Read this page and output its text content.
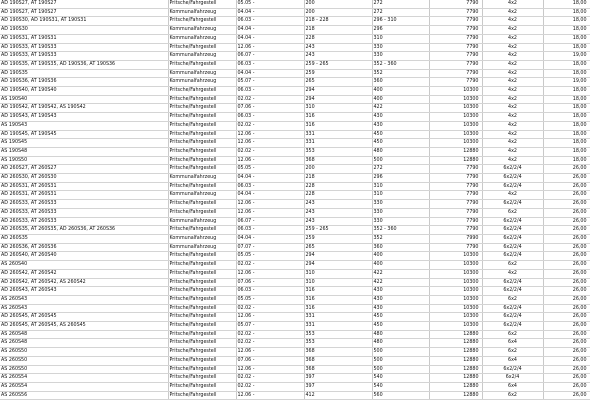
AD 190S27, AT 190S27	Pritsche/Fahrgestell	05.05 -	200	272	7790	4x2	18,00
AD 190S27, AT 190S27	Kommunalfahrzeug	04.04 -	200	272	7790	4x2	18,00
AD 190S30, AD 190S31, AT 190S31	Pritsche/Fahrgestell	06.03 -	218 - 228	296 - 310	7790	4x2	18,00
AD 190S30	Kommunalfahrzeug	04.04 -	218	296	7790	4x2	18,00
AD 190S31, AT 190S31	Kommunalfahrzeug	04.04 -	228	310	7790	4x2	18,00
AD 190S33, AT 190S33	Pritsche/Fahrgestell	12.06 -	243	330	7790	4x2	18,00
AD 190S33, AT 190S33	Kommunalfahrzeug	06.07 -	243	330	7790	4x2	19,00
AD 190S35, AT 190S35, AD 190S36, AT 190S36	Pritsche/Fahrgestell	06.03 -	259 - 265	352 - 360	7790	4x2	18,00
AD 190S35	Kommunalfahrzeug	04.04 -	259	352	7790	4x2	18,00
AD 190S36, AT 190S36	Kommunalfahrzeug	05.07 -	265	360	7790	4x2	19,00
AD 190S40, AT 190S40	Pritsche/Fahrgestell	06.03 -	294	400	10300	4x2	18,00
AS 190S40	Pritsche/Fahrgestell	02.02 -	294	400	10300	4x2	18,00
AD 190S42, AT 190S42, AS 190S42	Pritsche/Fahrgestell	07.06 -	310	422	10300	4x2	18,00
AD 190S43, AT 190S43	Pritsche/Fahrgestell	06.03 -	316	430	10300	4x2	18,00
AS 190S43	Pritsche/Fahrgestell	02.02 -	316	430	10300	4x2	18,00
AD 190S45, AT 190S45	Pritsche/Fahrgestell	12.06 -	331	450	10300	4x2	18,00
AS 190S45	Pritsche/Fahrgestell	12.06 -	331	450	10300	4x2	18,00
AS 190S48	Pritsche/Fahrgestell	02.02 -	353	480	12880	4x2	18,00
AS 190S50	Pritsche/Fahrgestell	12.06 -	368	500	12880	4x2	18,00
AD 260S27, AT 260S27	Pritsche/Fahrgestell	05.05 -	200	272	7790	6x2/2/4	26,00
AD 260S30, AT 260S30	Kommunalfahrzeug	04.04 -	218	296	7790	6x2/2/4	26,00
AD 260S31, AT 260S31	Pritsche/Fahrgestell	06.03 -	228	310	7790	6x2/2/4	26,00
AD 260S31, AT 260S31	Kommunalfahrzeug	04.04 -	228	310	7790	4x2	26,00
AD 260S33, AT 260S33	Pritsche/Fahrgestell	12.06 -	243	330	7790	6x2/2/4	26,00
AD 260S33, AT 260S33	Pritsche/Fahrgestell	12.06 -	243	330	7790	6x2	26,00
AD 260S33, AT 260S33	Kommunalfahrzeug	06.07 -	243	330	7790	6x2/2/4	26,00
AD 260S35, AT 260S35, AD 260S36, AT 260S36	Pritsche/Fahrgestell	06.03 -	259 - 265	352 - 360	7790	6x2/2/4	26,00
AD 260S35	Kommunalfahrzeug	04.04 -	259	352	7990	6x2/2/4	26,00
AD 260S36, AT 260S36	Kommunalfahrzeug	07.07 -	265	360	7790	6x2/2/4	26,00
AD 260S40, AT 260S40	Pritsche/Fahrgestell	05.05 -	294	400	10300	6x2/2/4	26,00
AS 260S40	Pritsche/Fahrgestell	02.02 -	294	400	10300	6x2	26,00
AD 260S42, AT 260S42	Pritsche/Fahrgestell	12.06 -	310	422	10300	4x2	26,00
AD 260S42, AT 260S42, AS 260S42	Pritsche/Fahrgestell	07.06 -	310	422	10300	6x2/2/4	26,00
AD 260S43, AT 260S43	Pritsche/Fahrgestell	06.03 -	316	430	10300	6x2/2/4	26,00
AS 260S43	Pritsche/Fahrgestell	05.05 -	316	430	10300	6x2	26,00
AS 260S43	Pritsche/Fahrgestell	02.02 -	316	430	10300	6x2/2/4	26,00
AD 260S45, AT 260S45	Pritsche/Fahrgestell	12.06 -	331	450	10300	6x2/2/4	26,00
AD 260S45, AT 260S45, AS 260S45	Pritsche/Fahrgestell	05.07 -	331	450	10300	6x2/2/4	26,00
AS 260S48	Pritsche/Fahrgestell	02.02 -	353	480	12880	6x2	26,00
AS 260S48	Pritsche/Fahrgestell	02.02 -	353	480	12880	6x4	26,00
AS 260S50	Pritsche/Fahrgestell	12.06 -	368	500	12880	6x2	26,00
AS 260S50	Pritsche/Fahrgestell	07.06 -	368	500	12880	6x4	26,00
AS 260S50	Pritsche/Fahrgestell	12.06 -	368	500	12880	6x2/2/4	26,00
AS 260S54	Pritsche/Fahrgestell	02.02 -	397	540	12880	6x2/4	26,00
AS 260S54	Pritsche/Fahrgestell	02.02 -	397	540	12880	6x4	26,00
AS 260S56	Pritsche/Fahrgestell	12.06 -	412	560	12880	6x2	26,00
